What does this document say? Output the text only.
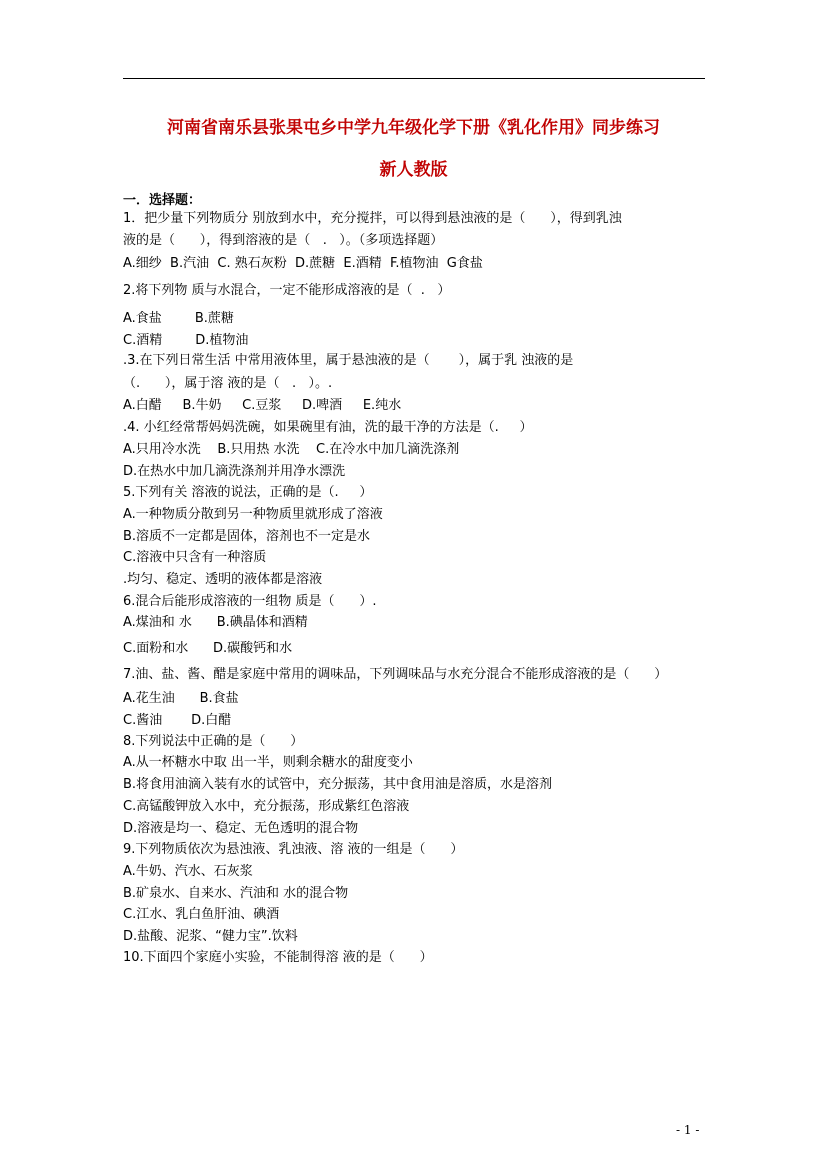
河南省南乐县张果屯乡中学九年级化学下册《乳化作用》同步练习
新人教版
一．选择题：
1．把少量下列物质分 别放到水中，充分搅拌，可以得到悬浊液的是（      ），得到乳浊
液的是（      ），得到溶液的是（   .   ）。（多项选择题）
A.细纱  B.汽油  C. 熟石灰粉  D.蔗糖  E.酒精  F.植物油  G食盐
2.将下列物 质与水混合，一定不能形成溶液的是（  .   ）
A.食盐        B.蔗糖
C.酒精        D.植物油
.3.在下列日常生活 中常用液体里，属于悬浊液的是（       ），属于乳 浊液的是
（.      ），属于溶 液的是（   .   ）。.
A.白醋     B.牛奶     C.豆浆     D.啤酒     E.纯水
.4. 小红经常帮妈妈洗碗，如果碗里有油，洗的最干净的方法是（.     ）
A.只用冷水洗    B.只用热 水洗    C.在冷水中加几滴洗涤剂
D.在热水中加几滴洗涤剂并用净水漂洗
5.下列有关 溶液的说法，正确的是（.     ）
A.一种物质分散到另一种物质里就形成了溶液
B.溶质不一定都是固体，溶剂也不一定是水
C.溶液中只含有一种溶质
.均匀、稳定、透明的液体都是溶液
6.混合后能形成溶液的一组物 质是（      ）.
A.煤油和 水      B.碘晶体和酒精
C.面粉和水      D.碳酸钙和水
7.油、盐、酱、醋是家庭中常用的调味品，下列调味品与水充分混合不能形成溶液的是（      ）
A.花生油      B.食盐
C.酱油       D.白醋
8.下列说法中正确的是（      ）
A.从一杯糖水中取 出一半，则剩余糖水的甜度变小
B.将食用油滴入装有水的试管中，充分振荡，其中食用油是溶质，水是溶剂
C.高锰酸钾放入水中，充分振荡，形成紫红色溶液
D.溶液是均一、稳定、无色透明的混合物
9.下列物质依次为悬浊液、乳浊液、溶 液的一组是（      ）
A.牛奶、汽水、石灰浆
B.矿泉水、自来水、汽油和 水的混合物
C.江水、乳白鱼肝油、碘酒
D.盐酸、泥浆、“健力宝”.饮料
10.下面四个家庭小实验，不能制得溶 液的是（      ）
- 1 -
